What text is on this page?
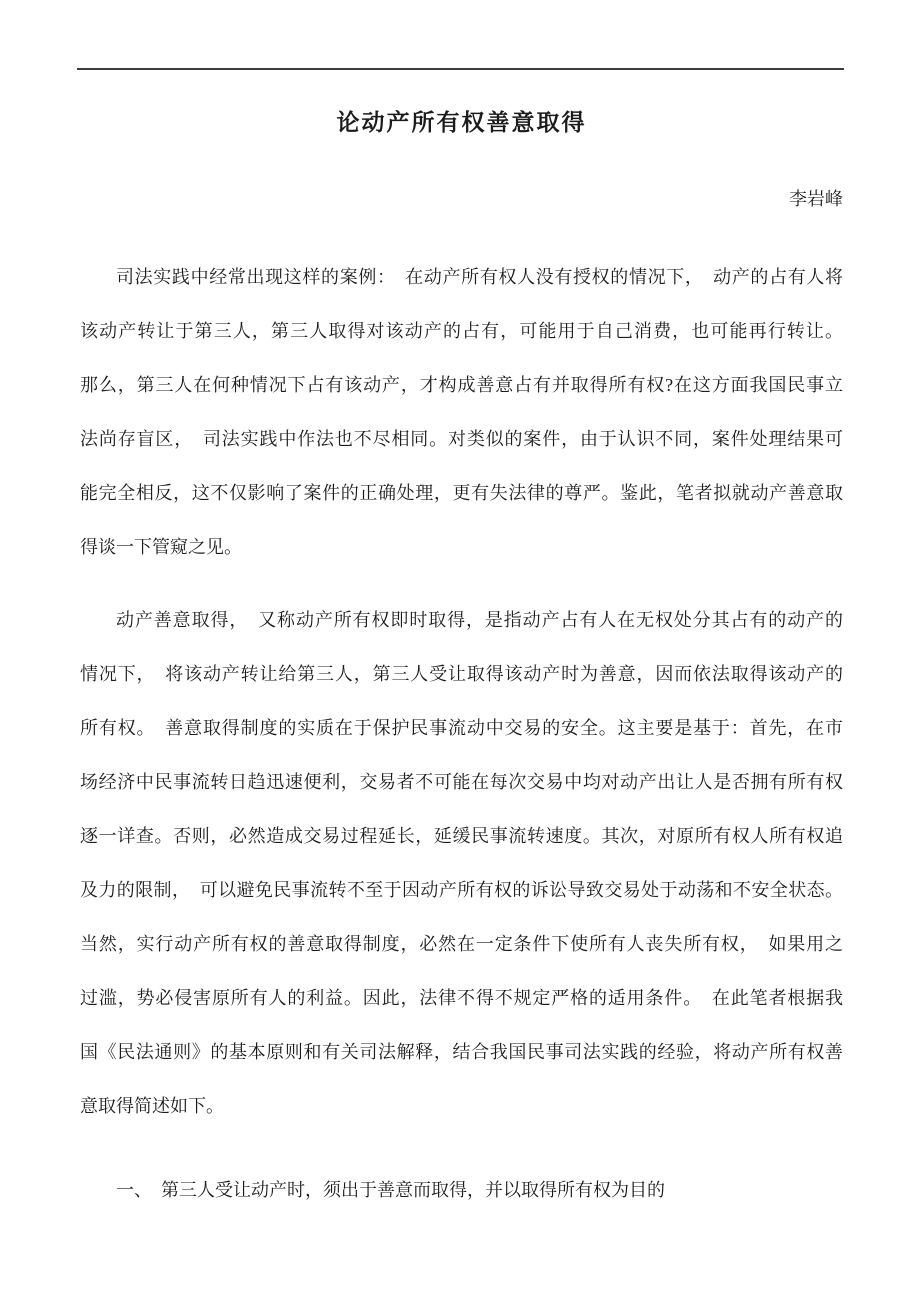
论动产所有权善意取得
李岩峰
司法实践中经常出现这样的案例：　在动产所有权人没有授权的情况下，　动产的占有人将
该动产转让于第三人，第三人取得对该动产的占有，可能用于自己消费，也可能再行转让。
那么，第三人在何种情况下占有该动产，才构成善意占有并取得所有权?在这方面我国民事立
法尚存盲区，　司法实践中作法也不尽相同。对类似的案件，由于认识不同，案件处理结果可
能完全相反，这不仅影响了案件的正确处理，更有失法律的尊严。鉴此，笔者拟就动产善意取
得谈一下管窥之见。
动产善意取得，　又称动产所有权即时取得，是指动产占有人在无权处分其占有的动产的
情况下，　将该动产转让给第三人，第三人受让取得该动产时为善意，因而依法取得该动产的
所有权。　善意取得制度的实质在于保护民事流动中交易的安全。这主要是基于：首先，在市
场经济中民事流转日趋迅速便利，交易者不可能在每次交易中均对动产出让人是否拥有所有权
逐一详查。否则，必然造成交易过程延长，延缓民事流转速度。其次，对原所有权人所有权追
及力的限制，　可以避免民事流转不至于因动产所有权的诉讼导致交易处于动荡和不安全状态。
当然，实行动产所有权的善意取得制度，必然在一定条件下使所有人丧失所有权，　如果用之
过滥，势必侵害原所有人的利益。因此，法律不得不规定严格的适用条件。　在此笔者根据我
国《民法通则》的基本原则和有关司法解释，结合我国民事司法实践的经验，将动产所有权善
意取得简述如下。
一、　第三人受让动产时，须出于善意而取得，并以取得所有权为目的
